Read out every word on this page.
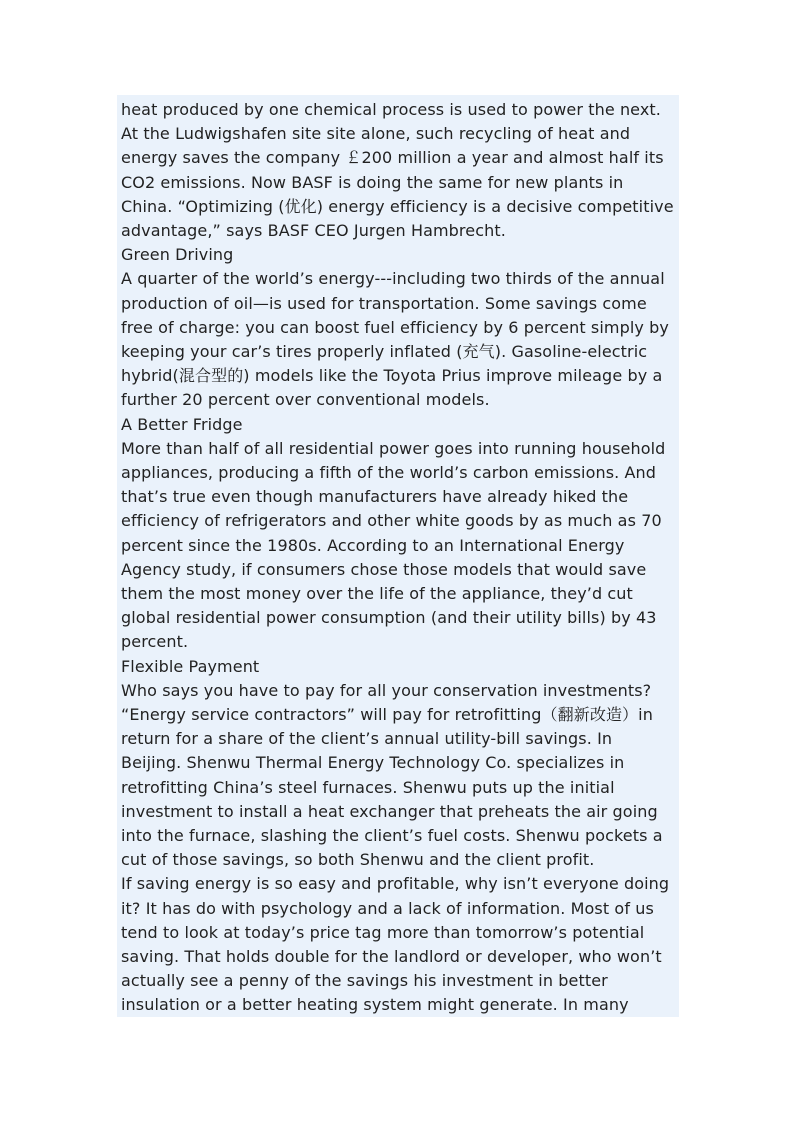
heat produced by one chemical process is used to power the next.
At the Ludwigshafen site site alone, such recycling of heat and
energy saves the company ￡200 million a year and almost half its
CO2 emissions. Now BASF is doing the same for new plants in
China. “Optimizing (优化) energy efficiency is a decisive competitive
advantage,” says BASF CEO Jurgen Hambrecht.
Green Driving
A quarter of the world’s energy---including two thirds of the annual
production of oil—is used for transportation. Some savings come
free of charge: you can boost fuel efficiency by 6 percent simply by
keeping your car’s tires properly inflated (充气). Gasoline-electric
hybrid(混合型的) models like the Toyota Prius improve mileage by a
further 20 percent over conventional models.
A Better Fridge
More than half of all residential power goes into running household
appliances, producing a fifth of the world’s carbon emissions. And
that’s true even though manufacturers have already hiked the
efficiency of refrigerators and other white goods by as much as 70
percent since the 1980s. According to an International Energy
Agency study, if consumers chose those models that would save
them the most money over the life of the appliance, they’d cut
global residential power consumption (and their utility bills) by 43
percent.
Flexible Payment
Who says you have to pay for all your conservation investments?
“Energy service contractors” will pay for retrofitting（翻新改造）in
return for a share of the client’s annual utility-bill savings. In
Beijing. Shenwu Thermal Energy Technology Co. specializes in
retrofitting China’s steel furnaces. Shenwu puts up the initial
investment to install a heat exchanger that preheats the air going
into the furnace, slashing the client’s fuel costs. Shenwu pockets a
cut of those savings, so both Shenwu and the client profit.
If saving energy is so easy and profitable, why isn’t everyone doing
it? It has do with psychology and a lack of information. Most of us
tend to look at today’s price tag more than tomorrow’s potential
saving. That holds double for the landlord or developer, who won’t
actually see a penny of the savings his investment in better
insulation or a better heating system might generate. In many
